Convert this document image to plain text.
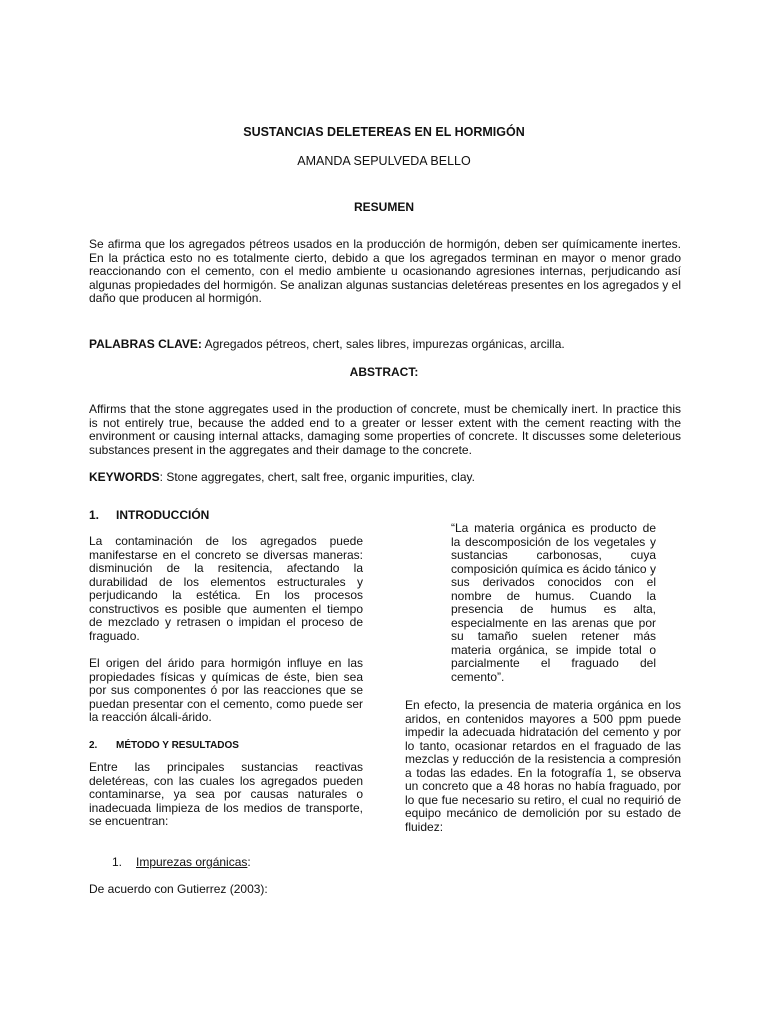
SUSTANCIAS DELETEREAS EN EL HORMIGÓN
AMANDA SEPULVEDA BELLO
RESUMEN

Se afirma que los agregados pétreos usados en la producción de hormigón, deben ser químicamente inertes. En la práctica esto no es totalmente cierto, debido a que los agregados terminan en mayor o menor grado reaccionando con el cemento, con el medio ambiente u ocasionando agresiones internas, perjudicando así algunas propiedades del hormigón. Se analizan algunas sustancias deletéreas presentes en los agregados y el daño que producen al hormigón.

PALABRAS CLAVE: Agregados pétreos, chert, sales libres, impurezas orgánicas, arcilla.

ABSTRACT:

Affirms that the stone aggregates used in the production of concrete, must be chemically inert. In practice this is not entirely true, because the added end to a greater or lesser extent with the cement reacting with the environment or causing internal attacks, damaging some properties of concrete. It discusses some deleterious substances present in the aggregates and their damage to the concrete.

KEYWORDS: Stone aggregates, chert, salt free, organic impurities, clay.

1. INTRODUCCIÓN

La contaminación de los agregados puede manifestarse en el concreto se diversas maneras: disminución de la resitencia, afectando la durabilidad de los elementos estructurales y perjudicando la estética. En los procesos constructivos es posible que aumenten el tiempo de mezclado y retrasen o impidan el proceso de fraguado.

El origen del árido para hormigón influye en las propiedades físicas y químicas de éste, bien sea por sus componentes ó por las reacciones que se puedan presentar con el cemento, como puede ser la reacción álcali-árido.

2. MÉTODO Y RESULTADOS

Entre las principales sustancias reactivas deletéreas, con las cuales los agregados pueden contaminarse, ya sea por causas naturales o inadecuada limpieza de los medios de transporte, se encuentran:

1. Impurezas orgánicas:

De acuerdo con Gutierrez (2003):

“La materia orgánica es producto de la descomposición de los vegetales y sustancias carbonosas, cuya composición química es ácido tánico y sus derivados conocidos con el nombre de humus. Cuando la presencia de humus es alta, especialmente en las arenas que por su tamaño suelen retener más materia orgánica, se impide total o parcialmente el fraguado del cemento”.

En efecto, la presencia de materia orgánica en los aridos, en contenidos mayores a 500 ppm puede impedir la adecuada hidratación del cemento y por lo tanto, ocasionar retardos en el fraguado de las mezclas y reducción de la resistencia a compresión a todas las edades. En la fotografía 1, se observa un concreto que a 48 horas no había fraguado, por lo que fue necesario su retiro, el cual no requirió de equipo mecánico de demolición por su estado de fluidez:
